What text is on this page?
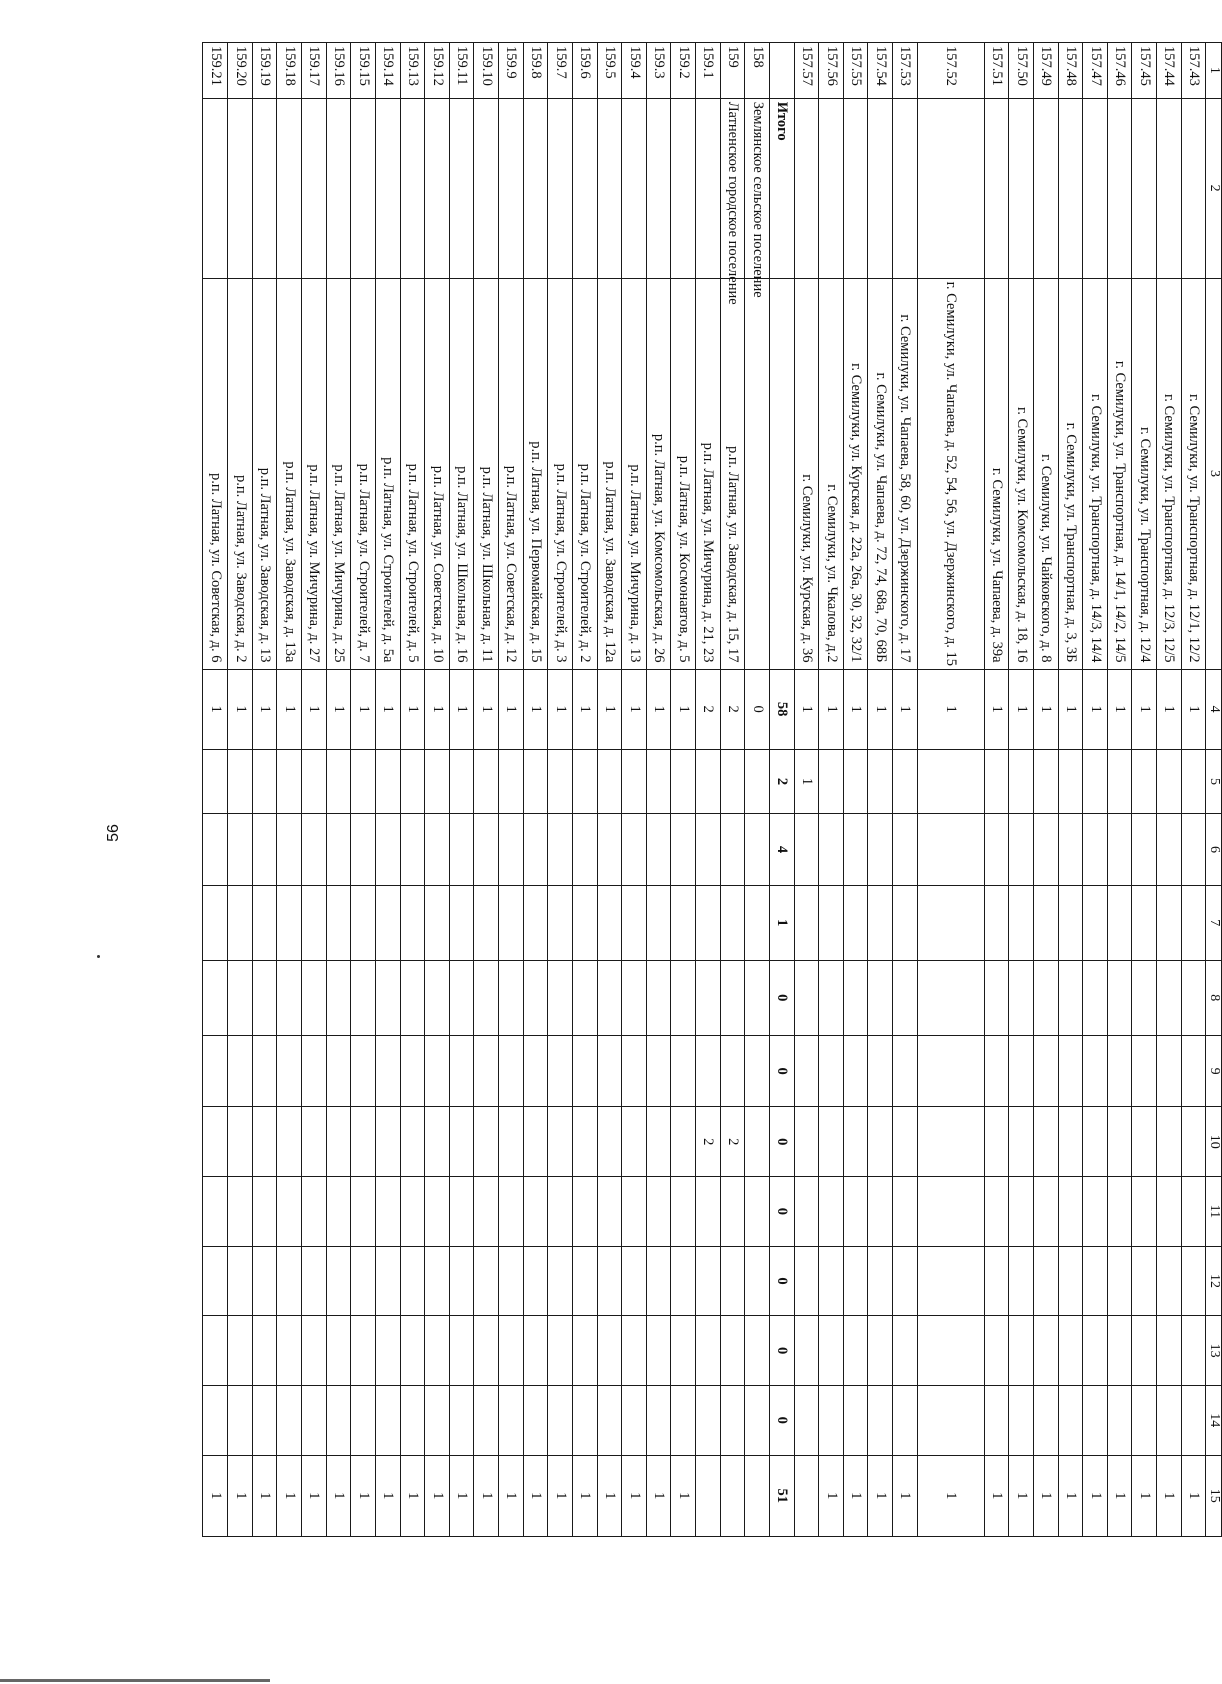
56
1	2	3	4	5	6	7	8	9	10	11	12	13	14	15
157.43		г. Семилуки, ул. Транспортная, д. 12/1, 12/2	1											1
157.44		г. Семилуки, ул. Транспортная, д. 12/3, 12/5	1											1
157.45		г. Семилуки, ул. Транспортная, д. 12/4	1											1
157.46		г. Семилуки, ул. Транспортная, д. 14/1, 14/2, 14/5	1											1
157.47		г. Семилуки, ул. Транспортная, д. 14/3, 14/4	1											1
157.48		г. Семилуки, ул. Транспортная, д. 3, 3Б	1											1
157.49		г. Семилуки, ул. Чайковского, д. 8	1											1
157.50		г. Семилуки, ул. Комсомольская, д. 18, 16	1											1
157.51		г. Семилуки, ул. Чапаева, д. 39а	1											1
157.52		г. Семилуки, ул. Чапаева, д. 52, 54, 56, ул. Дзержинского, д. 15	1											1
157.53		г. Семилуки, ул. Чапаева, 58, 60, ул. Дзержинского, д. 17	1											1
157.54		г. Семилуки, ул. Чапаева, д. 72, 74, 68а, 70, 68Б	1											1
157.55		г. Семилуки, ул. Курская, д. 22а, 26а, 30, 32, 32/1	1											1
157.56		г. Семилуки, ул. Чкалова, д.2	1											1
157.57		г. Семилуки, ул. Курская, д. 36	1	1										
	Итого		58	2	4	1	0	0	0	0	0	0	0	51
158	Землянское сельское поселение		0											
159	Латненское городское поселение	р.п. Латная, ул. Заводская, д. 15, 17	2						2					
159.1		р.п. Латная, ул. Мичурина, д. 21, 23	2						2					
159.2		р.п. Латная, ул. Космонавтов, д. 5	1											1
159.3		р.п. Латная, ул. Комсомольская, д. 26	1											1
159.4		р.п. Латная, ул. Мичурина, д. 13	1											1
159.5		р.п. Латная, ул. Заводская, д. 12а	1											1
159.6		р.п. Латная, ул. Строителей, д. 2	1											1
159.7		р.п. Латная, ул. Строителей, д. 3	1											1
159.8		р.п. Латная, ул. Первомайская, д. 15	1											1
159.9		р.п. Латная, ул. Советская, д. 12	1											1
159.10		р.п. Латная, ул. Школьная, д. 11	1											1
159.11		р.п. Латная, ул. Школьная, д. 16	1											1
159.12		р.п. Латная, ул. Советская, д. 10	1											1
159.13		р.п. Латная, ул. Строителей, д. 5	1											1
159.14		р.п. Латная, ул. Строителей, д. 5а	1											1
159.15		р.п. Латная, ул. Строителей, д. 7	1											1
159.16		р.п. Латная, ул. Мичурина, д. 25	1											1
159.17		р.п. Латная, ул. Мичурина, д. 27	1											1
159.18		р.п. Латная, ул. Заводская, д. 13а	1											1
159.19		р.п. Латная, ул. Заводская, д. 13	1											1
159.20		р.п. Латная, ул. Заводская, д. 2	1											1
159.21		р.п. Латная, ул. Советская, д. 6	1											1
